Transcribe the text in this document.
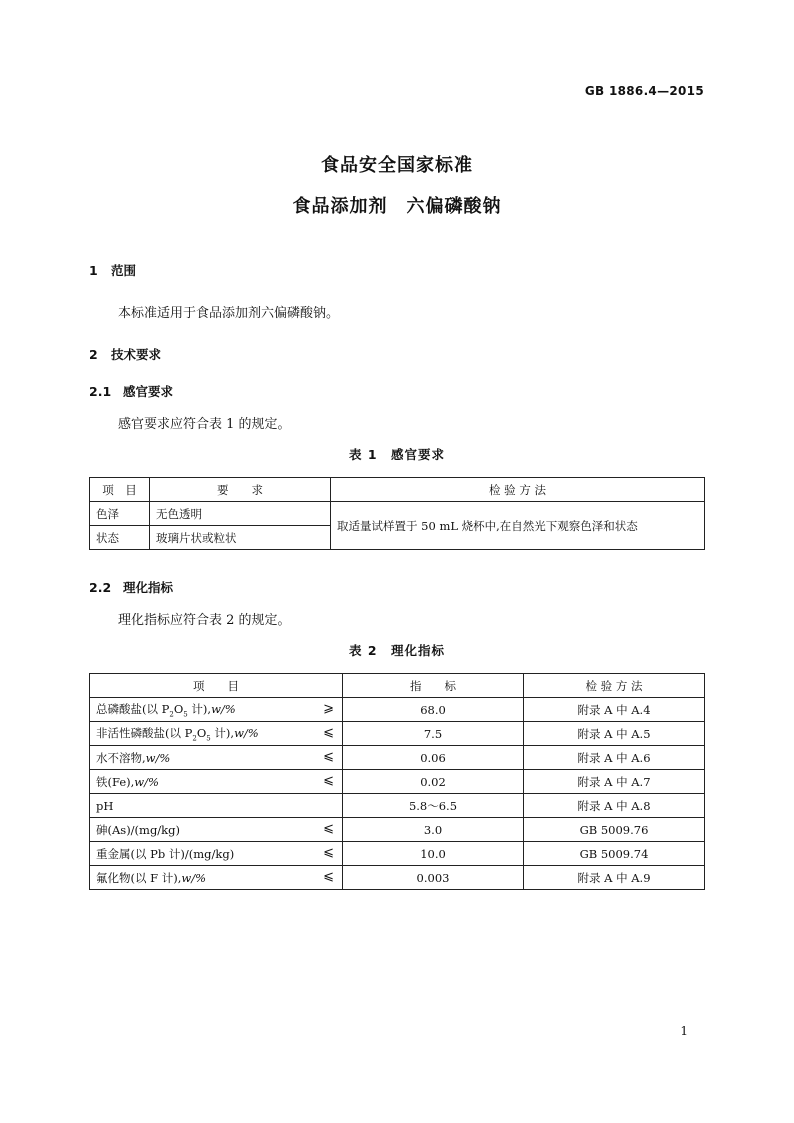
GB 1886.4—2015
食品安全国家标准
食品添加剂　六偏磷酸钠
1 范围
本标准适用于食品添加剂六偏磷酸钠。
2 技术要求
2.1 感官要求
感官要求应符合表 1 的规定。
表 1　感官要求
项　目	要　　求	检 验 方 法
色泽	无色透明	取适量试样置于 50 mL 烧杯中,在自然光下观察色泽和状态
状态	玻璃片状或粒状	
2.2 理化指标
理化指标应符合表 2 的规定。
表 2　理化指标
项　　目	指　　标	检 验 方 法
总磷酸盐(以 $P_2O_5$ 计),w/% ⩾	68.0	附录 A 中 A.4
非活性磷酸盐(以 $P_2O_5$ 计),w/% ⩽	7.5	附录 A 中 A.5
水不溶物,w/% ⩽	0.06	附录 A 中 A.6
铁(Fe),w/% ⩽	0.02	附录 A 中 A.7
pH	5.8～6.5	附录 A 中 A.8
砷(As)/(mg/kg) ⩽	3.0	GB 5009.76
重金属(以 Pb 计)/(mg/kg) ⩽	10.0	GB 5009.74
氟化物(以 F 计),w/% ⩽	0.003	附录 A 中 A.9
1
